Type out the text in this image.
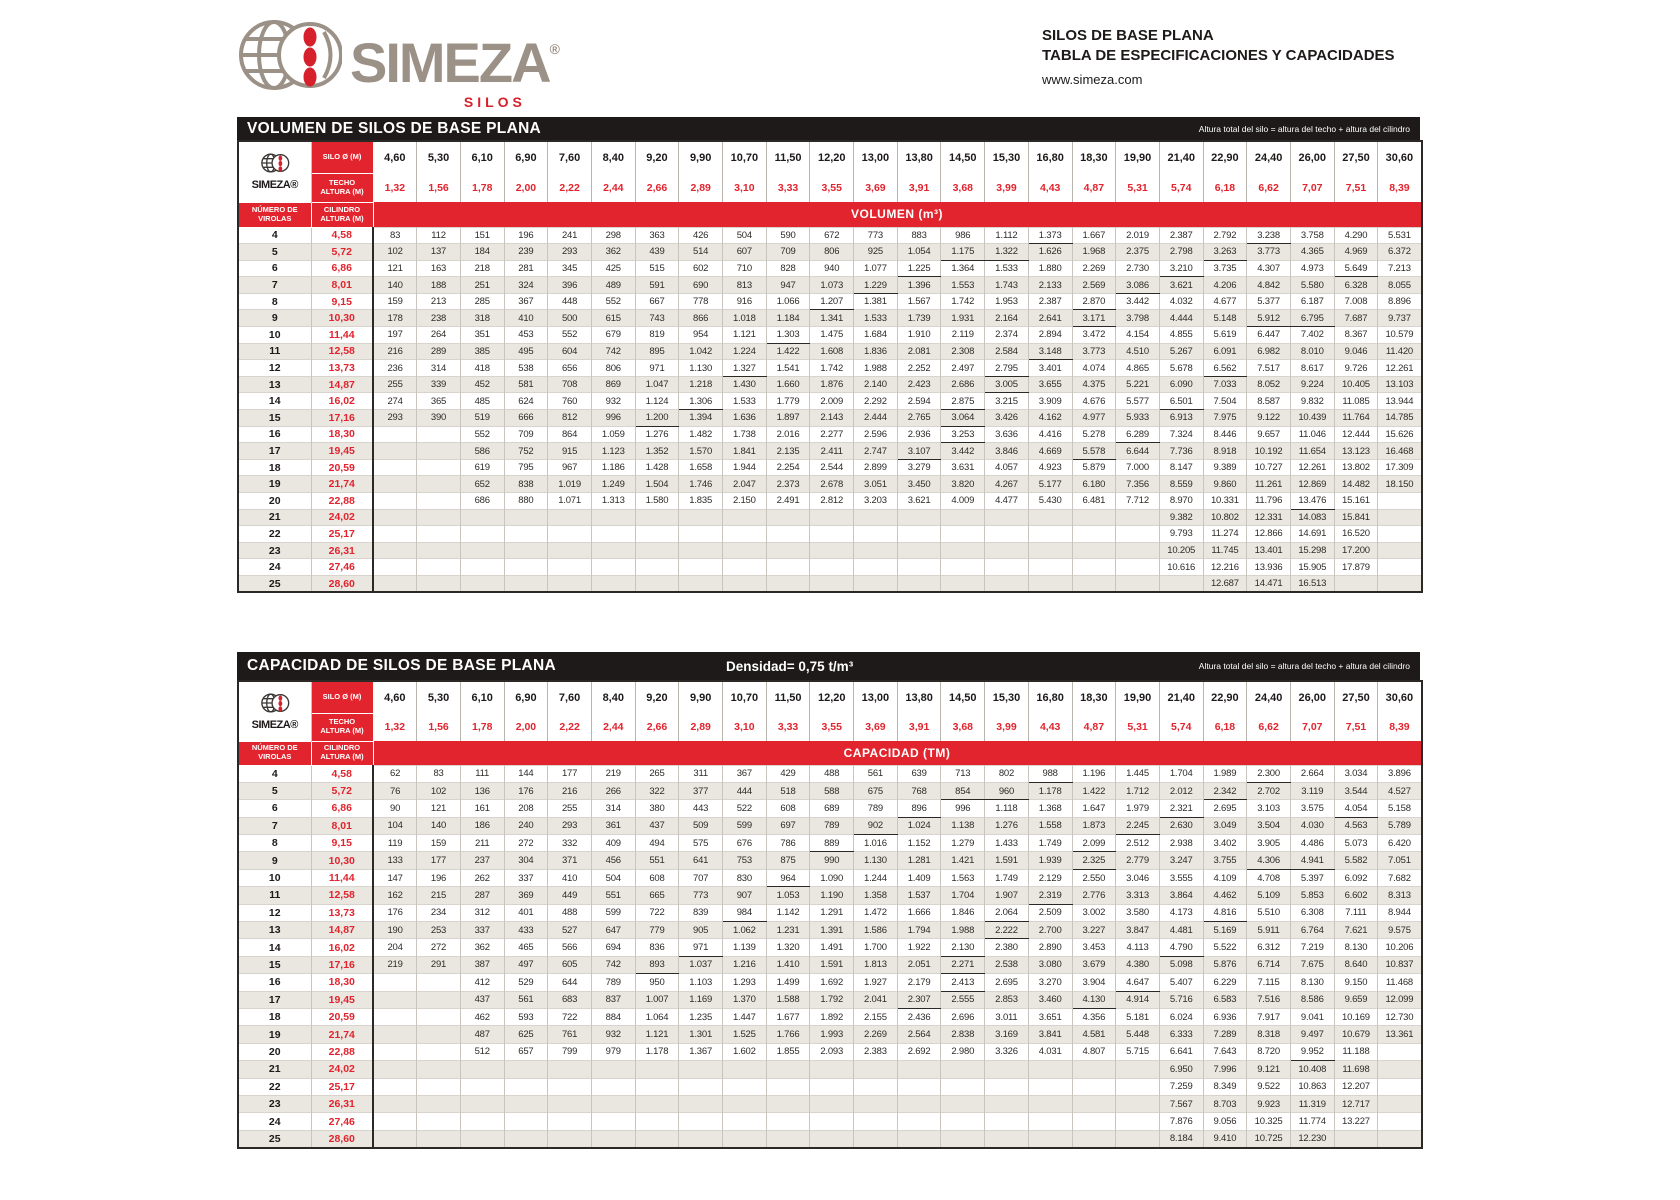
SIMEZA®
SILOS
SILOS DE BASE PLANA
TABLA DE ESPECIFICACIONES Y CAPACIDADES
www.simeza.com
VOLUMEN DE SILOS DE BASE PLANA	Altura total del silo = altura del techo + altura del cilindro
SIMEZA®	SILO Ø (M)	4,60	5,30	6,10	6,90	7,60	8,40	9,20	9,90	10,70	11,50	12,20	13,00	13,80	14,50	15,30	16,80	18,30	19,90	21,40	22,90	24,40	26,00	27,50	30,60
	TECHO
ALTURA (M)	1,32	1,56	1,78	2,00	2,22	2,44	2,66	2,89	3,10	3,33	3,55	3,69	3,91	3,68	3,99	4,43	4,87	5,31	5,74	6,18	6,62	7,07	7,51	8,39
NÚMERO DE
VIROLAS	CILINDRO
ALTURA (M)	VOLUMEN (m³)																							
4	4,58	83	112	151	196	241	298	363	426	504	590	672	773	883	986	1.112	1.373	1.667	2.019	2.387	2.792	3.238	3.758	4.290	5.531
5	5,72	102	137	184	239	293	362	439	514	607	709	806	925	1.054	1.175	1.322	1.626	1.968	2.375	2.798	3.263	3.773	4.365	4.969	6.372
6	6,86	121	163	218	281	345	425	515	602	710	828	940	1.077	1.225	1.364	1.533	1.880	2.269	2.730	3.210	3.735	4.307	4.973	5.649	7.213
7	8,01	140	188	251	324	396	489	591	690	813	947	1.073	1.229	1.396	1.553	1.743	2.133	2.569	3.086	3.621	4.206	4.842	5.580	6.328	8.055
8	9,15	159	213	285	367	448	552	667	778	916	1.066	1.207	1.381	1.567	1.742	1.953	2.387	2.870	3.442	4.032	4.677	5.377	6.187	7.008	8.896
9	10,30	178	238	318	410	500	615	743	866	1.018	1.184	1.341	1.533	1.739	1.931	2.164	2.641	3.171	3.798	4.444	5.148	5.912	6.795	7.687	9.737
10	11,44	197	264	351	453	552	679	819	954	1.121	1.303	1.475	1.684	1.910	2.119	2.374	2.894	3.472	4.154	4.855	5.619	6.447	7.402	8.367	10.579
11	12,58	216	289	385	495	604	742	895	1.042	1.224	1.422	1.608	1.836	2.081	2.308	2.584	3.148	3.773	4.510	5.267	6.091	6.982	8.010	9.046	11.420
12	13,73	236	314	418	538	656	806	971	1.130	1.327	1.541	1.742	1.988	2.252	2.497	2.795	3.401	4.074	4.865	5.678	6.562	7.517	8.617	9.726	12.261
13	14,87	255	339	452	581	708	869	1.047	1.218	1.430	1.660	1.876	2.140	2.423	2.686	3.005	3.655	4.375	5.221	6.090	7.033	8.052	9.224	10.405	13.103
14	16,02	274	365	485	624	760	932	1.124	1.306	1.533	1.779	2.009	2.292	2.594	2.875	3.215	3.909	4.676	5.577	6.501	7.504	8.587	9.832	11.085	13.944
15	17,16	293	390	519	666	812	996	1.200	1.394	1.636	1.897	2.143	2.444	2.765	3.064	3.426	4.162	4.977	5.933	6.913	7.975	9.122	10.439	11.764	14.785
16	18,30			552	709	864	1.059	1.276	1.482	1.738	2.016	2.277	2.596	2.936	3.253	3.636	4.416	5.278	6.289	7.324	8.446	9.657	11.046	12.444	15.626
17	19,45			586	752	915	1.123	1.352	1.570	1.841	2.135	2.411	2.747	3.107	3.442	3.846	4.669	5.578	6.644	7.736	8.918	10.192	11.654	13.123	16.468
18	20,59			619	795	967	1.186	1.428	1.658	1.944	2.254	2.544	2.899	3.279	3.631	4.057	4.923	5.879	7.000	8.147	9.389	10.727	12.261	13.802	17.309
19	21,74			652	838	1.019	1.249	1.504	1.746	2.047	2.373	2.678	3.051	3.450	3.820	4.267	5.177	6.180	7.356	8.559	9.860	11.261	12.869	14.482	18.150
20	22,88			686	880	1.071	1.313	1.580	1.835	2.150	2.491	2.812	3.203	3.621	4.009	4.477	5.430	6.481	7.712	8.970	10.331	11.796	13.476	15.161	
21	24,02																			9.382	10.802	12.331	14.083	15.841	
22	25,17																			9.793	11.274	12.866	14.691	16.520	
23	26,31																			10.205	11.745	13.401	15.298	17.200	
24	27,46																			10.616	12.216	13.936	15.905	17.879	
25	28,60																				12.687	14.471	16.513		
CAPACIDAD DE SILOS DE BASE PLANA	Densidad= 0,75 t/m³	Altura total del silo = altura del techo + altura del cilindro
SIMEZA®	SILO Ø (M)	4,60	5,30	6,10	6,90	7,60	8,40	9,20	9,90	10,70	11,50	12,20	13,00	13,80	14,50	15,30	16,80	18,30	19,90	21,40	22,90	24,40	26,00	27,50	30,60
	TECHO
ALTURA (M)	1,32	1,56	1,78	2,00	2,22	2,44	2,66	2,89	3,10	3,33	3,55	3,69	3,91	3,68	3,99	4,43	4,87	5,31	5,74	6,18	6,62	7,07	7,51	8,39
NÚMERO DE
VIROLAS	CILINDRO
ALTURA (M)	CAPACIDAD (TM)																							
4	4,58	62	83	111	144	177	219	265	311	367	429	488	561	639	713	802	988	1.196	1.445	1.704	1.989	2.300	2.664	3.034	3.896
5	5,72	76	102	136	176	216	266	322	377	444	518	588	675	768	854	960	1.178	1.422	1.712	2.012	2.342	2.702	3.119	3.544	4.527
6	6,86	90	121	161	208	255	314	380	443	522	608	689	789	896	996	1.118	1.368	1.647	1.979	2.321	2.695	3.103	3.575	4.054	5.158
7	8,01	104	140	186	240	293	361	437	509	599	697	789	902	1.024	1.138	1.276	1.558	1.873	2.245	2.630	3.049	3.504	4.030	4.563	5.789
8	9,15	119	159	211	272	332	409	494	575	676	786	889	1.016	1.152	1.279	1.433	1.749	2.099	2.512	2.938	3.402	3.905	4.486	5.073	6.420
9	10,30	133	177	237	304	371	456	551	641	753	875	990	1.130	1.281	1.421	1.591	1.939	2.325	2.779	3.247	3.755	4.306	4.941	5.582	7.051
10	11,44	147	196	262	337	410	504	608	707	830	964	1.090	1.244	1.409	1.563	1.749	2.129	2.550	3.046	3.555	4.109	4.708	5.397	6.092	7.682
11	12,58	162	215	287	369	449	551	665	773	907	1.053	1.190	1.358	1.537	1.704	1.907	2.319	2.776	3.313	3.864	4.462	5.109	5.853	6.602	8.313
12	13,73	176	234	312	401	488	599	722	839	984	1.142	1.291	1.472	1.666	1.846	2.064	2.509	3.002	3.580	4.173	4.816	5.510	6.308	7.111	8.944
13	14,87	190	253	337	433	527	647	779	905	1.062	1.231	1.391	1.586	1.794	1.988	2.222	2.700	3.227	3.847	4.481	5.169	5.911	6.764	7.621	9.575
14	16,02	204	272	362	465	566	694	836	971	1.139	1.320	1.491	1.700	1.922	2.130	2.380	2.890	3.453	4.113	4.790	5.522	6.312	7.219	8.130	10.206
15	17,16	219	291	387	497	605	742	893	1.037	1.216	1.410	1.591	1.813	2.051	2.271	2.538	3.080	3.679	4.380	5.098	5.876	6.714	7.675	8.640	10.837
16	18,30			412	529	644	789	950	1.103	1.293	1.499	1.692	1.927	2.179	2.413	2.695	3.270	3.904	4.647	5.407	6.229	7.115	8.130	9.150	11.468
17	19,45			437	561	683	837	1.007	1.169	1.370	1.588	1.792	2.041	2.307	2.555	2.853	3.460	4.130	4.914	5.716	6.583	7.516	8.586	9.659	12.099
18	20,59			462	593	722	884	1.064	1.235	1.447	1.677	1.892	2.155	2.436	2.696	3.011	3.651	4.356	5.181	6.024	6.936	7.917	9.041	10.169	12.730
19	21,74			487	625	761	932	1.121	1.301	1.525	1.766	1.993	2.269	2.564	2.838	3.169	3.841	4.581	5.448	6.333	7.289	8.318	9.497	10.679	13.361
20	22,88			512	657	799	979	1.178	1.367	1.602	1.855	2.093	2.383	2.692	2.980	3.326	4.031	4.807	5.715	6.641	7.643	8.720	9.952	11.188	
21	24,02																			6.950	7.996	9.121	10.408	11.698	
22	25,17																			7.259	8.349	9.522	10.863	12.207	
23	26,31																			7.567	8.703	9.923	11.319	12.717	
24	27,46																			7.876	9.056	10.325	11.774	13.227	
25	28,60																			8.184	9.410	10.725	12.230		
